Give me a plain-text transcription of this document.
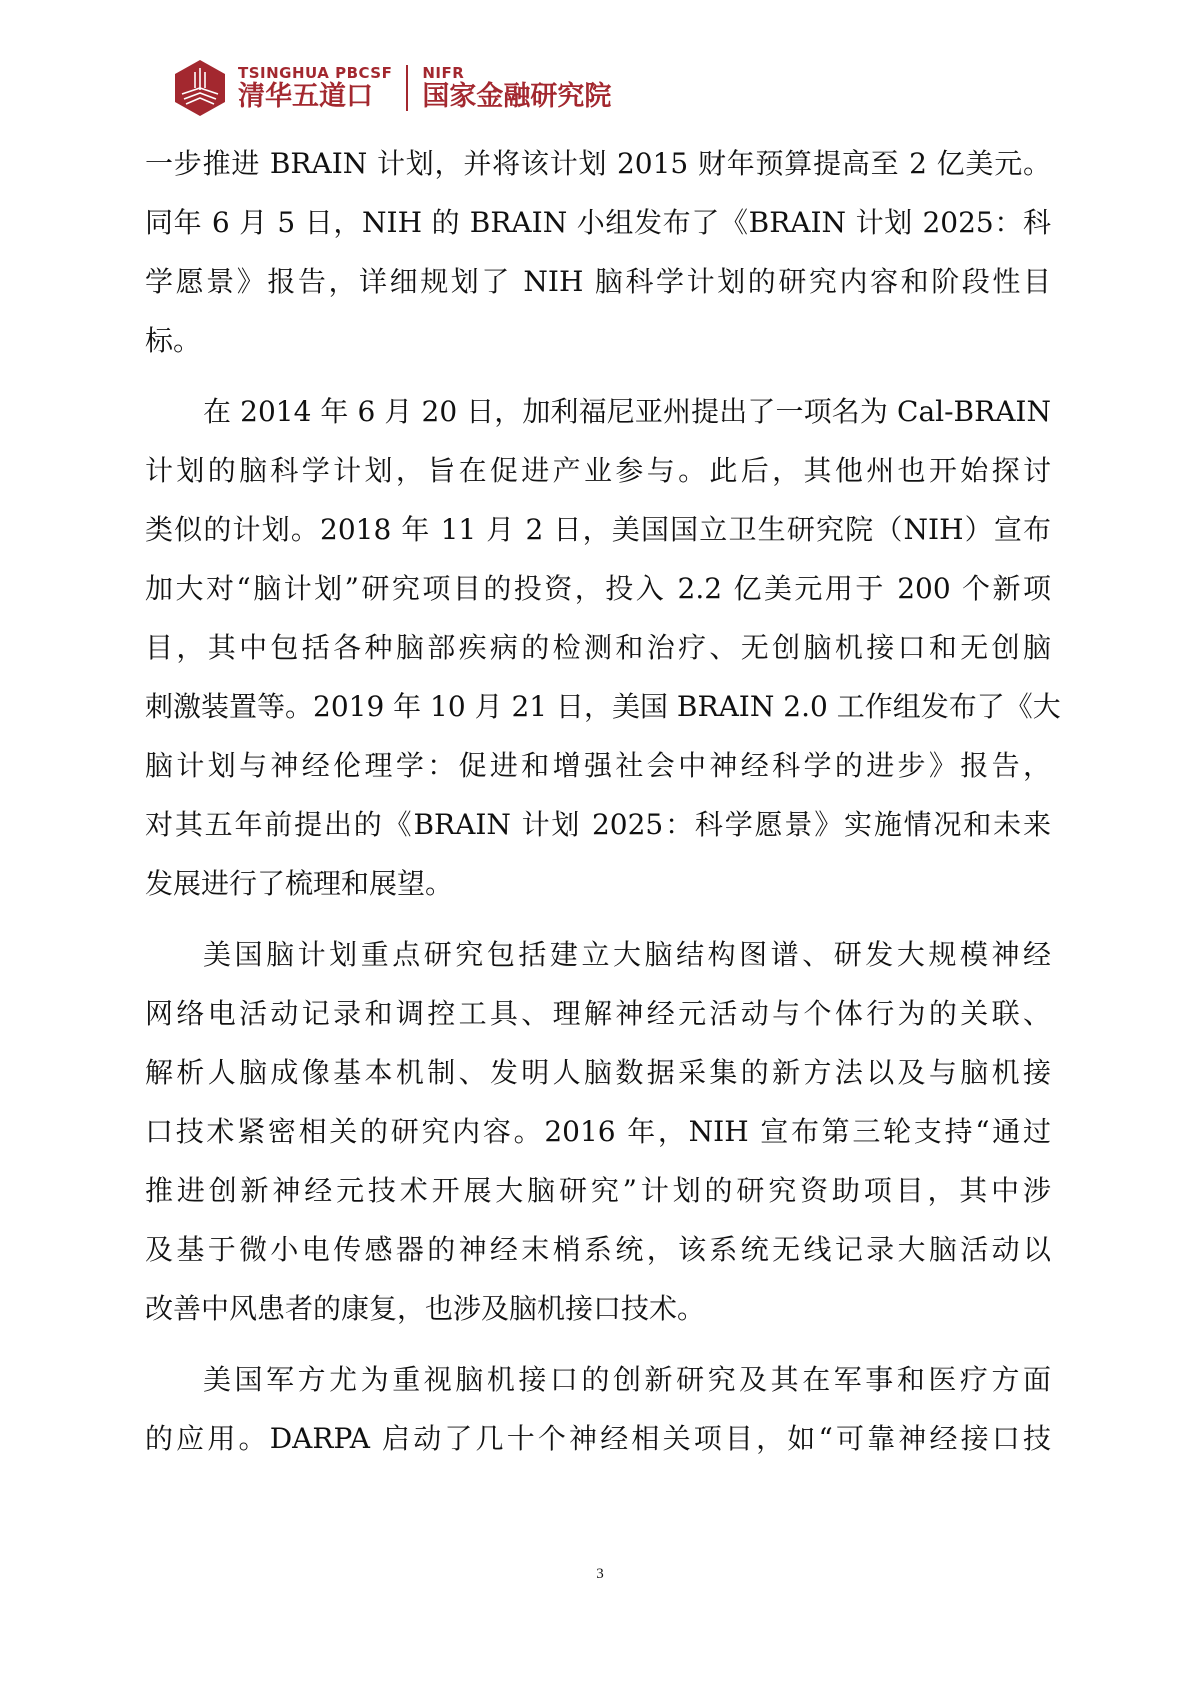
TSINGHUA PBCSF
清华五道口
NIFR
国家金融研究院
一步推进 BRAIN 计划，并将该计划 2015 财年预算提高至 2 亿美元。
同年 6 月 5 日，NIH 的 BRAIN 小组发布了《BRAIN 计划 2025：科
学愿景》报告，详细规划了 NIH 脑科学计划的研究内容和阶段性目
标。
在 2014 年 6 月 20 日，加利福尼亚州提出了一项名为 Cal-BRAIN
计划的脑科学计划，旨在促进产业参与。此后，其他州也开始探讨
类似的计划。2018 年 11 月 2 日，美国国立卫生研究院（NIH）宣布
加大对“脑计划”研究项目的投资，投入 2.2 亿美元用于 200 个新项
目，其中包括各种脑部疾病的检测和治疗、无创脑机接口和无创脑
刺激装置等。2019 年 10 月 21 日，美国 BRAIN 2.0 工作组发布了《大
脑计划与神经伦理学：促进和增强社会中神经科学的进步》报告，
对其五年前提出的《BRAIN 计划 2025：科学愿景》实施情况和未来
发展进行了梳理和展望。
美国脑计划重点研究包括建立大脑结构图谱、研发大规模神经
网络电活动记录和调控工具、理解神经元活动与个体行为的关联、
解析人脑成像基本机制、发明人脑数据采集的新方法以及与脑机接
口技术紧密相关的研究内容。2016 年，NIH 宣布第三轮支持“通过
推进创新神经元技术开展大脑研究”计划的研究资助项目，其中涉
及基于微小电传感器的神经末梢系统，该系统无线记录大脑活动以
改善中风患者的康复，也涉及脑机接口技术。
美国军方尤为重视脑机接口的创新研究及其在军事和医疗方面
的应用。DARPA 启动了几十个神经相关项目，如“可靠神经接口技
3
